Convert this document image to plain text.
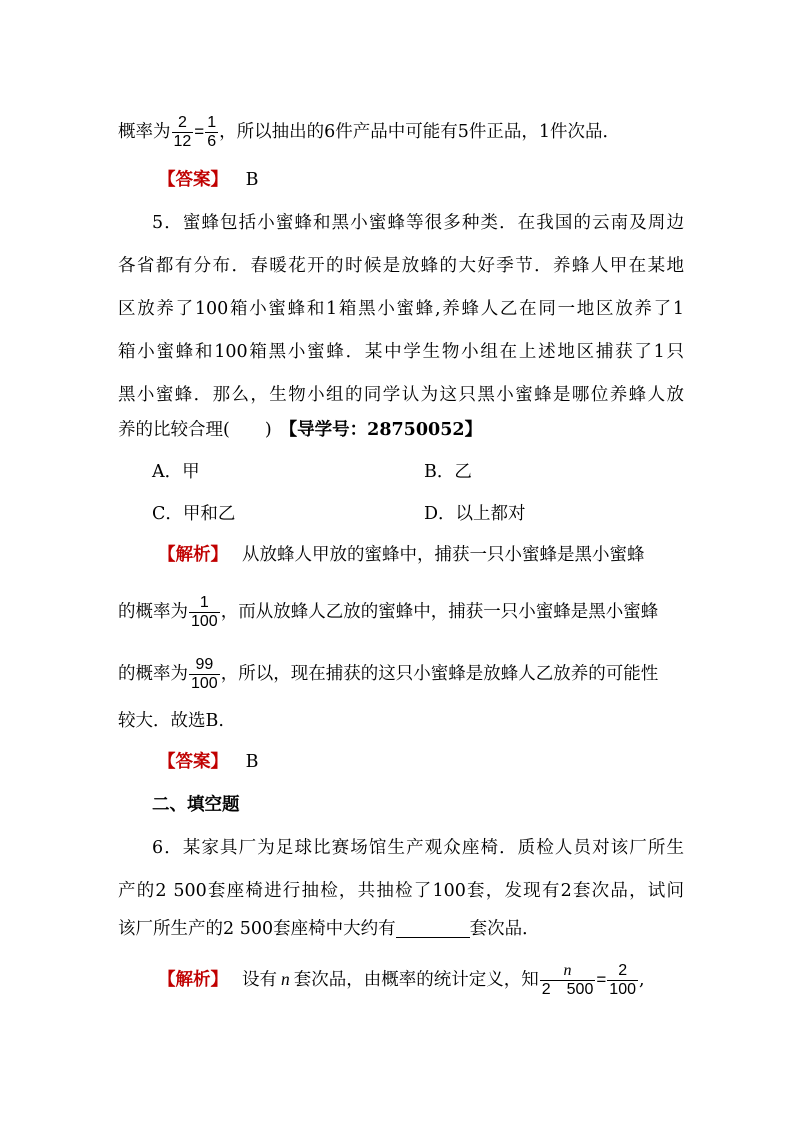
概率为 $\frac{2}{12} = \frac{1}{6}$ ，所以抽出的6件产品中可能有5件正品，1件次品．
【答案】 B
5．蜜蜂包括小蜜蜂和黑小蜜蜂等很多种类．在我国的云南及周边
各省都有分布．春暖花开的时候是放蜂的大好季节．养蜂人甲在某地
区放养了100箱小蜜蜂和1箱黑小蜜蜂,养蜂人乙在同一地区放养了1
箱小蜜蜂和100箱黑小蜜蜂．某中学生物小组在上述地区捕获了1只
黑小蜜蜂．那么，生物小组的同学认为这只黑小蜜蜂是哪位养蜂人放
养的比较合理(　　) 【导学号：28750052】
A．甲	B．乙
C．甲和乙	D．以上都对
【解析】 从放蜂人甲放的蜜蜂中，捕获一只小蜜蜂是黑小蜜蜂
的概率为 $\frac{1}{100}$ ，而从放蜂人乙放的蜜蜂中，捕获一只小蜜蜂是黑小蜜蜂
的概率为 $\frac{99}{100}$ ，所以，现在捕获的这只小蜜蜂是放蜂人乙放养的可能性
较大．故选B.
【答案】 B
二、填空题
6．某家具厂为足球比赛场馆生产观众座椅．质检人员对该厂所生
产的2 500套座椅进行抽检，共抽检了100套，发现有2套次品，试问
该厂所生产的2 500套座椅中大约有	套次品．
【解析】 设有 n 套次品，由概率的统计定义，知 $\frac{n}{2 500} = \frac{2}{100}$ ,
